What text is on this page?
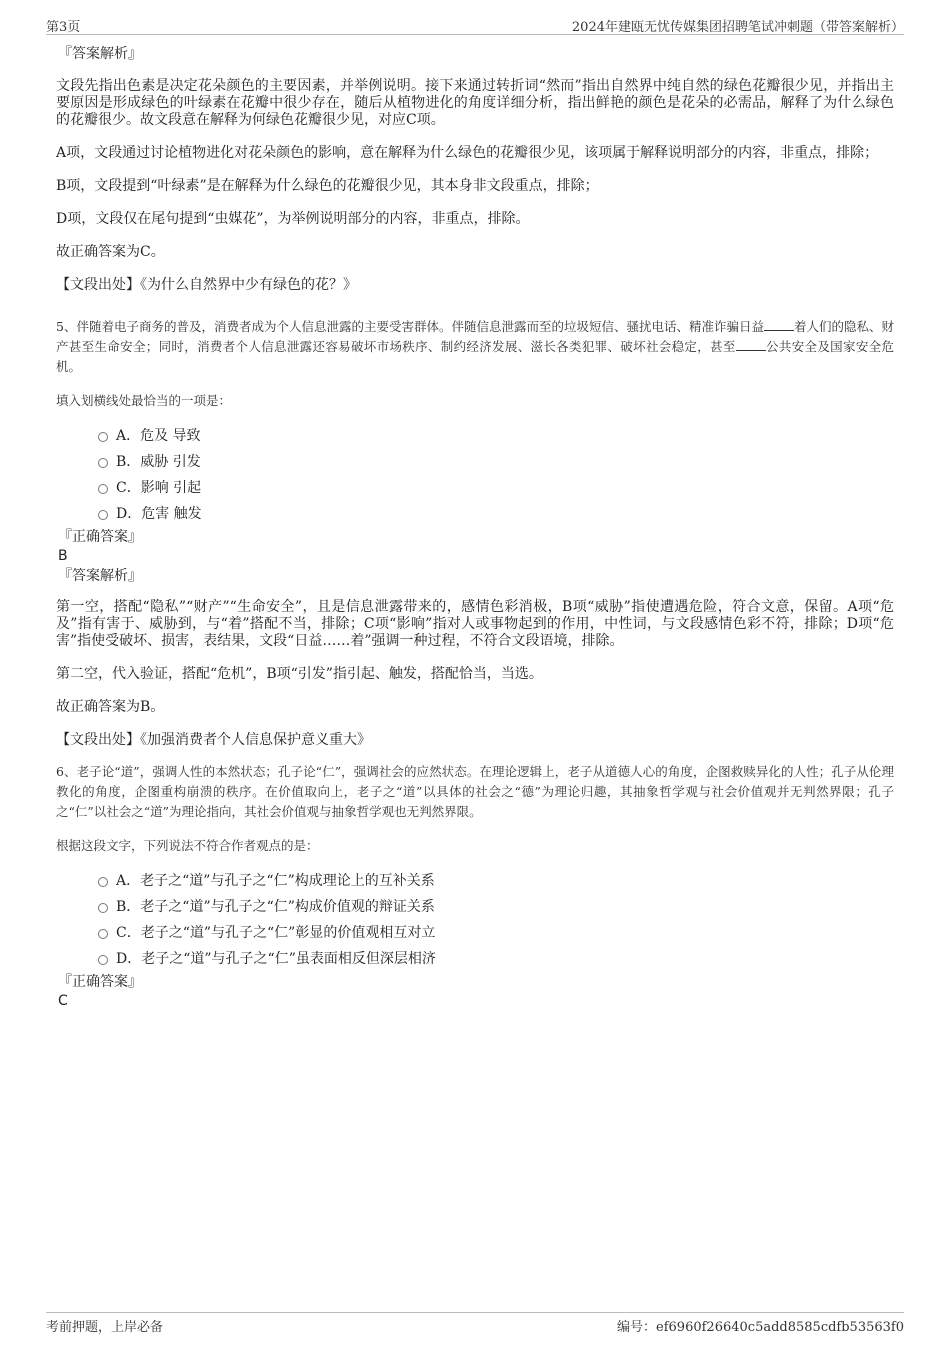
第3页	2024年建瓯无忧传媒集团招聘笔试冲刺题（带答案解析）

『答案解析』

文段先指出色素是决定花朵颜色的主要因素，并举例说明。接下来通过转折词“然而”指出自然界中纯自然的绿色花瓣很少见，并指出主要原因是形成绿色的叶绿素在花瓣中很少存在，随后从植物进化的角度详细分析，指出鲜艳的颜色是花朵的必需品，解释了为什么绿色的花瓣很少。故文段意在解释为何绿色花瓣很少见，对应C项。

A项，文段通过讨论植物进化对花朵颜色的影响，意在解释为什么绿色的花瓣很少见，该项属于解释说明部分的内容，非重点，排除；

B项，文段提到“叶绿素”是在解释为什么绿色的花瓣很少见，其本身非文段重点，排除；

D项，文段仅在尾句提到“虫媒花”，为举例说明部分的内容，非重点，排除。

故正确答案为C。

【文段出处】《为什么自然界中少有绿色的花？》

5、伴随着电子商务的普及，消费者成为个人信息泄露的主要受害群体。伴随信息泄露而至的垃圾短信、骚扰电话、精准诈骗日益 着人们的隐私、财产甚至生命安全；同时，消费者个人信息泄露还容易破坏市场秩序、制约经济发展、滋长各类犯罪、破坏社会稳定，甚至 公共安全及国家安全危机。

填入划横线处最恰当的一项是：

A．危及 导致
B．威胁 引发
C．影响 引起
D．危害 触发

『正确答案』

B

『答案解析』

第一空，搭配“隐私”“财产”“生命安全”，且是信息泄露带来的，感情色彩消极，B项“威胁”指使遭遇危险，符合文意，保留。A项“危及”指有害于、威胁到，与“着”搭配不当，排除；C项“影响”指对人或事物起到的作用，中性词，与文段感情色彩不符，排除；D项“危害”指使受破坏、损害，表结果，文段“日益……着”强调一种过程，不符合文段语境，排除。

第二空，代入验证，搭配“危机”，B项“引发”指引起、触发，搭配恰当，当选。

故正确答案为B。

【文段出处】《加强消费者个人信息保护意义重大》

6、老子论“道”，强调人性的本然状态；孔子论“仁”，强调社会的应然状态。在理论逻辑上，老子从道德人心的角度，企图救赎异化的人性；孔子从伦理教化的角度，企图重构崩溃的秩序。在价值取向上，老子之“道”以具体的社会之“德”为理论归趣，其抽象哲学观与社会价值观并无判然界限；孔子之“仁”以社会之“道”为理论指向，其社会价值观与抽象哲学观也无判然界限。

根据这段文字，下列说法不符合作者观点的是：

A．老子之“道”与孔子之“仁”构成理论上的互补关系
B．老子之“道”与孔子之“仁”构成价值观的辩证关系
C．老子之“道”与孔子之“仁”彰显的价值观相互对立
D．老子之“道”与孔子之“仁”虽表面相反但深层相济

『正确答案』

C

考前押题，上岸必备	编号：ef6960f26640c5add8585cdfb53563f0
